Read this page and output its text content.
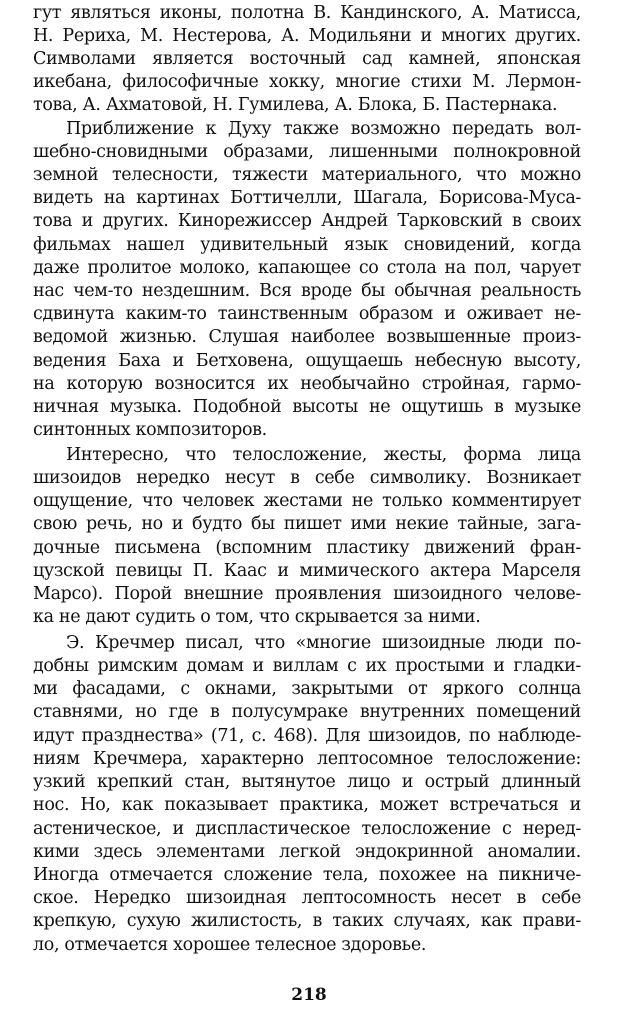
гут являться иконы, полотна В. Кандинского, А. Матисса,
Н. Рериха, М. Нестерова, А. Модильяни и многих других.
Символами является восточный сад камней, японская
икебана, философичные хокку, многие стихи М. Лермон-
това, А. Ахматовой, Н. Гумилева, А. Блока, Б. Пастернака.
Приближение к Духу также возможно передать вол-
шебно-сновидными образами, лишенными полнокровной
земной телесности, тяжести материального, что можно
видеть на картинах Боттичелли, Шагала, Борисова-Муса-
това и других. Кинорежиссер Андрей Тарковский в своих
фильмах нашел удивительный язык сновидений, когда
даже пролитое молоко, капающее со стола на пол, чарует
нас чем-то нездешним. Вся вроде бы обычная реальность
сдвинута каким-то таинственным образом и оживает не-
ведомой жизнью. Слушая наиболее возвышенные произ-
ведения Баха и Бетховена, ощущаешь небесную высоту,
на которую возносится их необычайно стройная, гармо-
ничная музыка. Подобной высоты не ощутишь в музыке
синтонных композиторов.
Интересно, что телосложение, жесты, форма лица
шизоидов нередко несут в себе символику. Возникает
ощущение, что человек жестами не только комментирует
свою речь, но и будто бы пишет ими некие тайные, зага-
дочные письмена (вспомним пластику движений фран-
цузской певицы П. Каас и мимического актера Марселя
Марсо). Порой внешние проявления шизоидного челове-
ка не дают судить о том, что скрывается за ними.
Э. Кречмер писал, что «многие шизоидные люди по-
добны римским домам и виллам с их простыми и гладки-
ми фасадами, с окнами, закрытыми от яркого солнца
ставнями, но где в полусумраке внутренних помещений
идут празднества» (71, с. 468). Для шизоидов, по наблюде-
ниям Кречмера, характерно лептосомное телосложение:
узкий крепкий стан, вытянутое лицо и острый длинный
нос. Но, как показывает практика, может встречаться и
астеническое, и диспластическое телосложение с неред-
кими здесь элементами легкой эндокринной аномалии.
Иногда отмечается сложение тела, похожее на пикниче-
ское. Нередко шизоидная лептосомность несет в себе
крепкую, сухую жилистость, в таких случаях, как прави-
ло, отмечается хорошее телесное здоровье.
218
